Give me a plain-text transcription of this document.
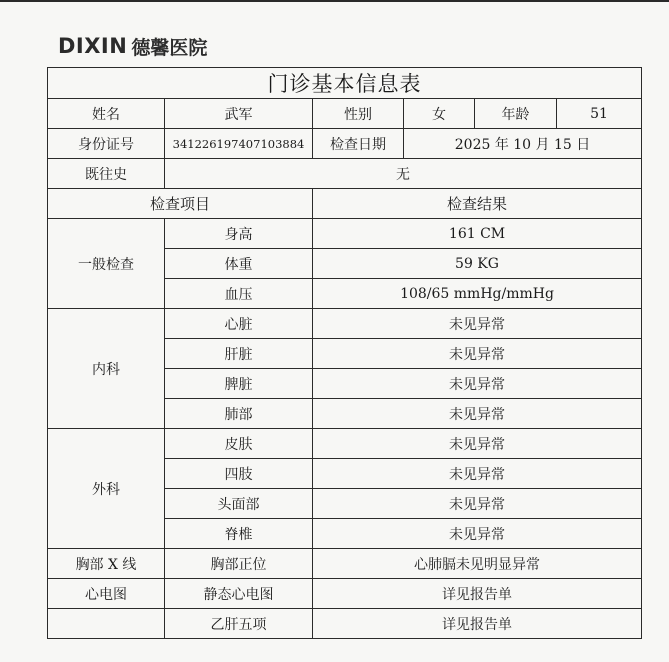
DIXIN 德馨医院
门诊基本信息表					
姓名	武军	性别	女	年龄	51
身份证号	341226197407103884	检查日期	2025 年 10 月 15 日		
既往史	无				
检查项目		检查结果			
一般检查	身高	161 CM			
	体重	59 KG			
	血压	108/65 mmHg/mmHg			
内科	心脏	未见异常			
	肝脏	未见异常			
	脾脏	未见异常			
	肺部	未见异常			
外科	皮肤	未见异常			
	四肢	未见异常			
	头面部	未见异常			
	脊椎	未见异常			
胸部 X 线	胸部正位	心肺膈未见明显异常			
心电图	静态心电图	详见报告单			
	乙肝五项	详见报告单			
